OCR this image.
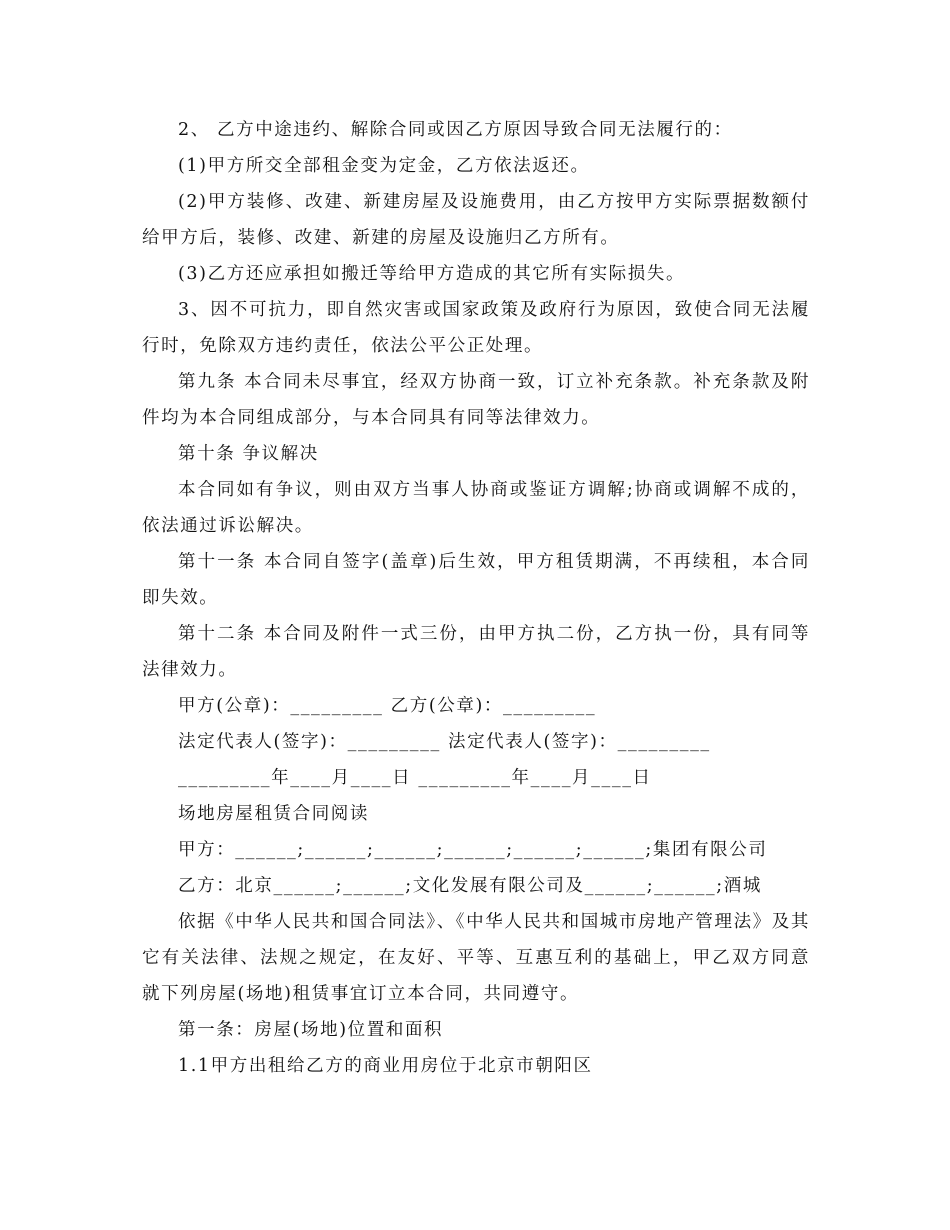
2、 乙方中途违约、解除合同或因乙方原因导致合同无法履行的：

(1)甲方所交全部租金变为定金，乙方依法返还。

(2)甲方装修、改建、新建房屋及设施费用，由乙方按甲方实际票据数额付给甲方后，装修、改建、新建的房屋及设施归乙方所有。

(3)乙方还应承担如搬迁等给甲方造成的其它所有实际损失。

3、因不可抗力，即自然灾害或国家政策及政府行为原因，致使合同无法履行时，免除双方违约责任，依法公平公正处理。

第九条 本合同未尽事宜，经双方协商一致，订立补充条款。补充条款及附件均为本合同组成部分，与本合同具有同等法律效力。

第十条 争议解决

本合同如有争议，则由双方当事人协商或鉴证方调解;协商或调解不成的，依法通过诉讼解决。

第十一条 本合同自签字(盖章)后生效，甲方租赁期满，不再续租，本合同即失效。

第十二条 本合同及附件一式三份，由甲方执二份，乙方执一份，具有同等法律效力。

甲方(公章)：_________ 乙方(公章)：_________

法定代表人(签字)：_________ 法定代表人(签字)：_________

_________年____月____日 _________年____月____日

场地房屋租赁合同阅读

甲方：______;______;______;______;______;______;集团有限公司

乙方：北京______;______;文化发展有限公司及______;______;酒城

依据《中华人民共和国合同法》、《中华人民共和国城市房地产管理法》及其它有关法律、法规之规定，在友好、平等、互惠互利的基础上，甲乙双方同意就下列房屋(场地)租赁事宜订立本合同，共同遵守。

第一条：房屋(场地)位置和面积

1.1甲方出租给乙方的商业用房位于北京市朝阳区
